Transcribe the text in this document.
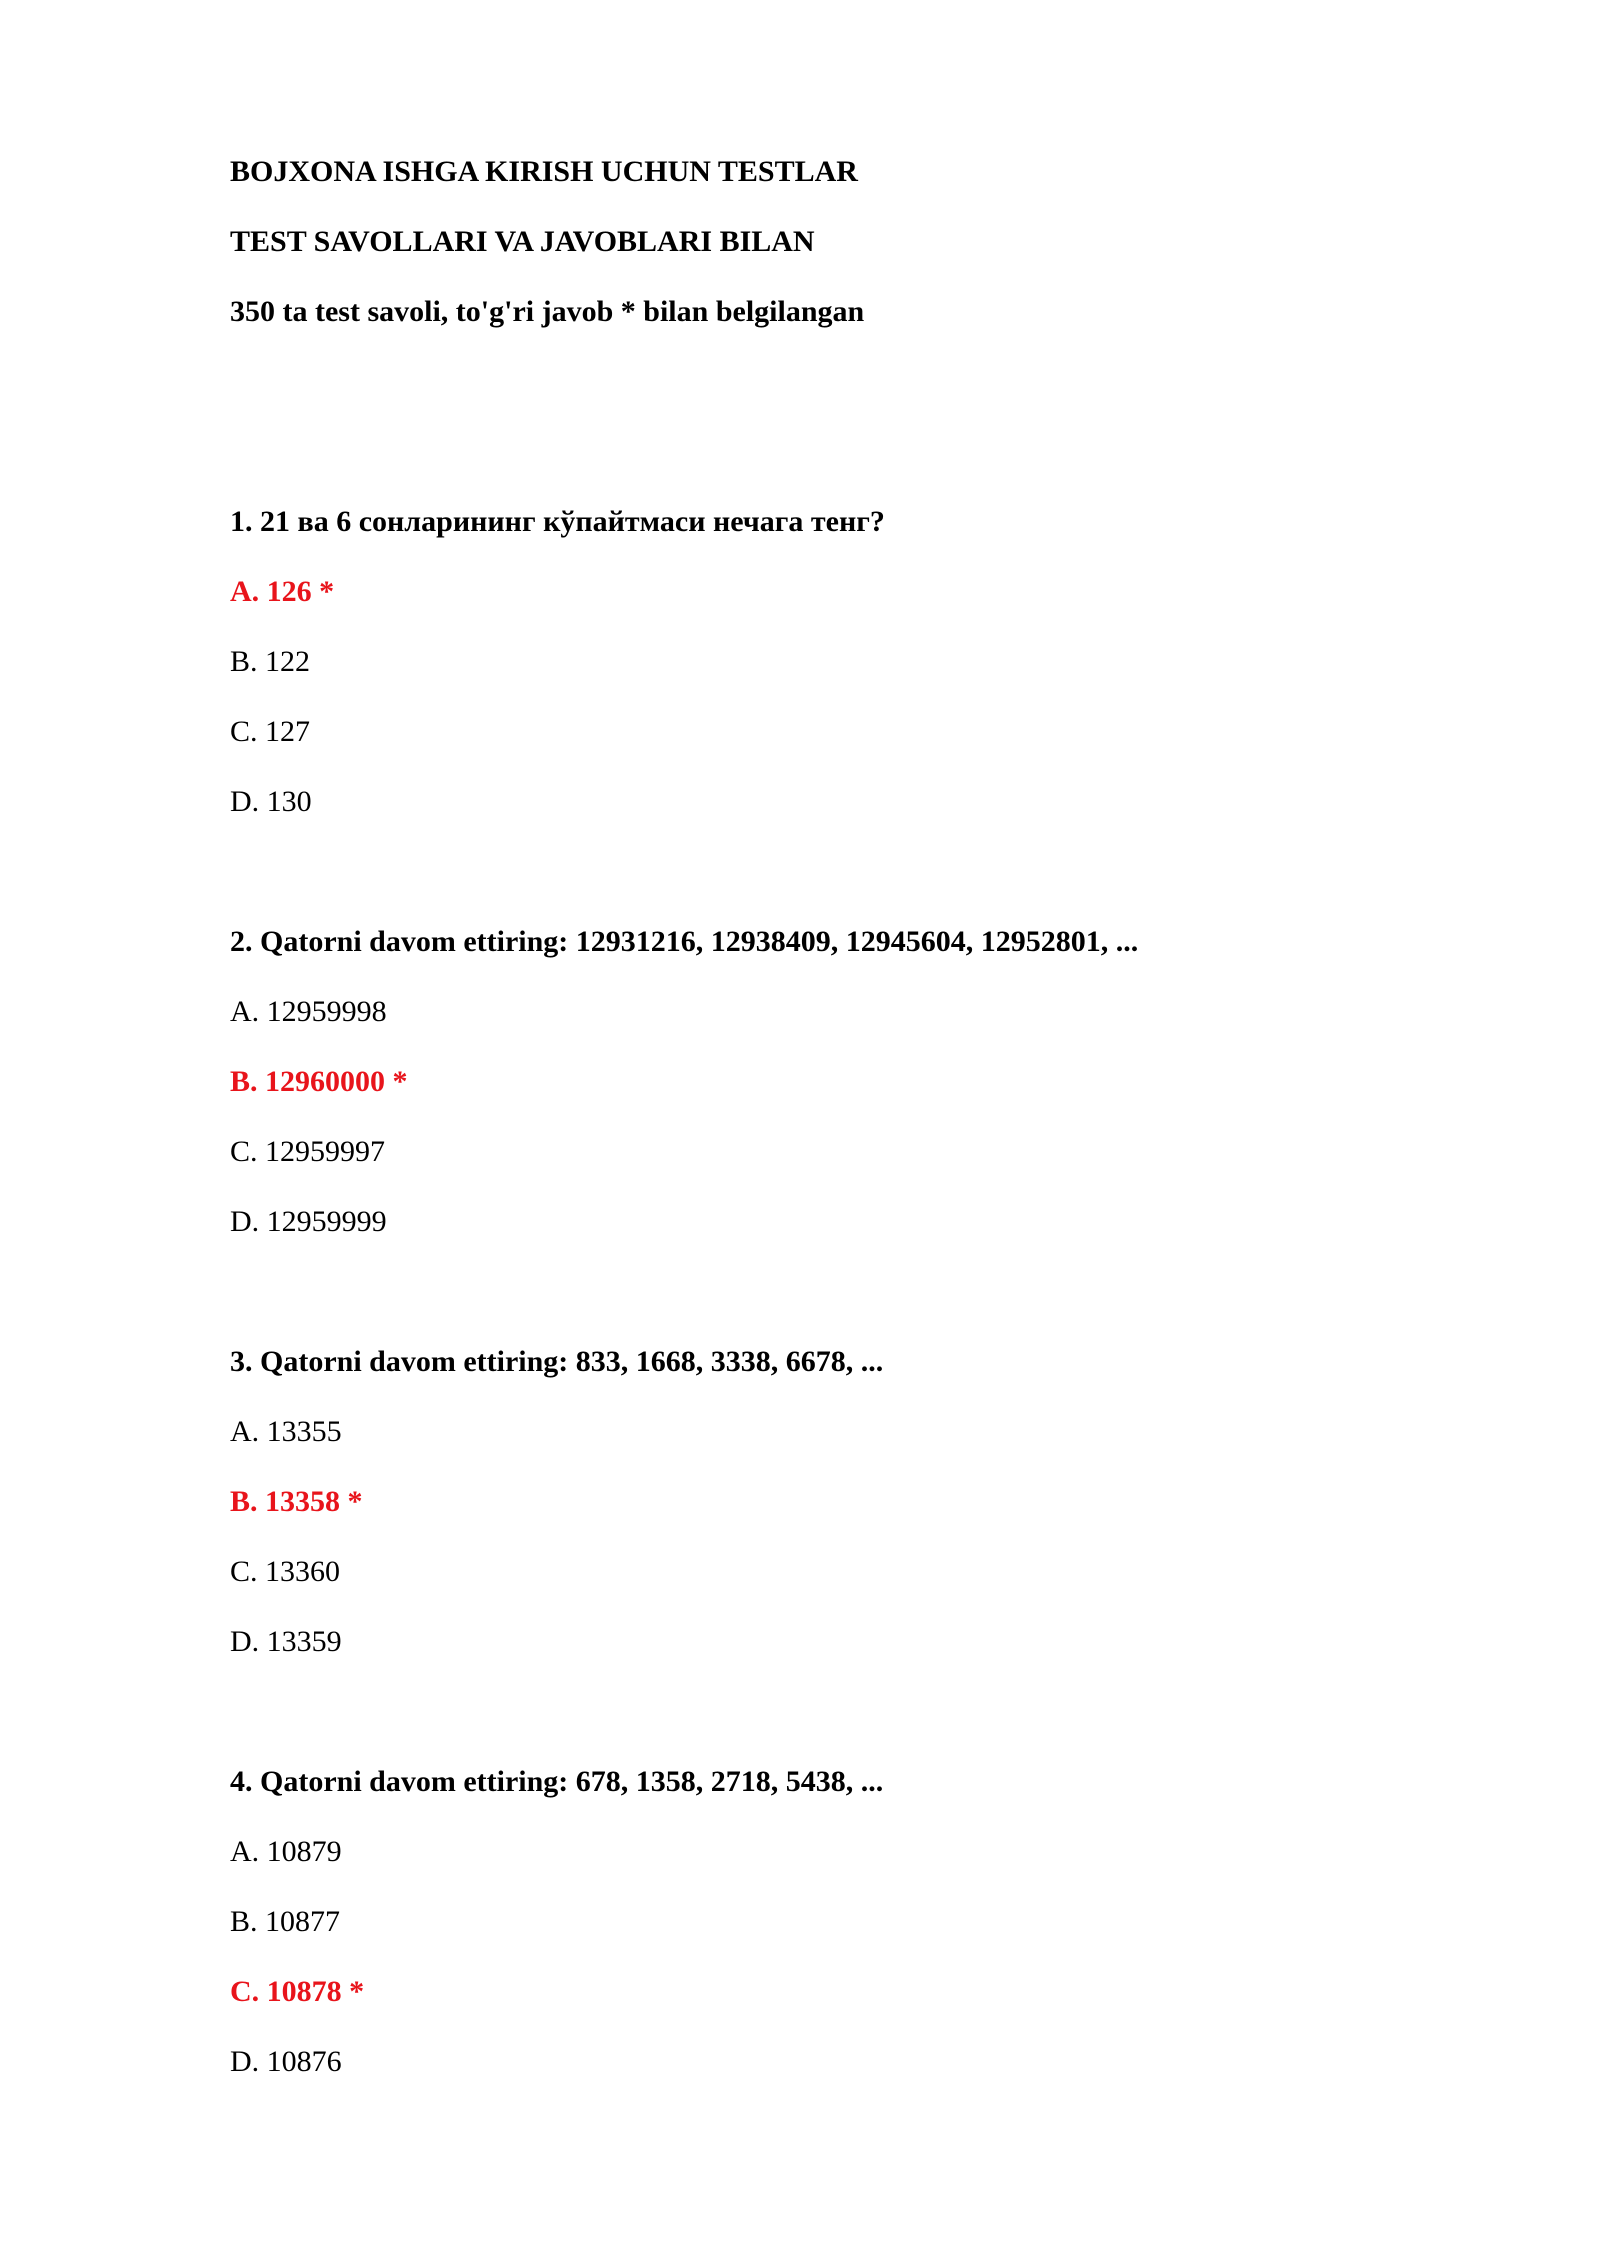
BOJXONA ISHGA KIRISH UCHUN TESTLAR

TEST SAVOLLARI VA JAVOBLARI BILAN

350 ta test savoli, to'g'ri javob * bilan belgilangan

1. 21 ва 6 сонларининг кўпайтмаси нечага тенг?

A. 126 *

B. 122

C. 127

D. 130

2. Qatorni davom ettiring: 12931216, 12938409, 12945604, 12952801, ...

A. 12959998

B. 12960000 *

C. 12959997

D. 12959999

3. Qatorni davom ettiring: 833, 1668, 3338, 6678, ...

A. 13355

B. 13358 *

C. 13360

D. 13359

4. Qatorni davom ettiring: 678, 1358, 2718, 5438, ...

A. 10879

B. 10877

C. 10878 *

D. 10876
